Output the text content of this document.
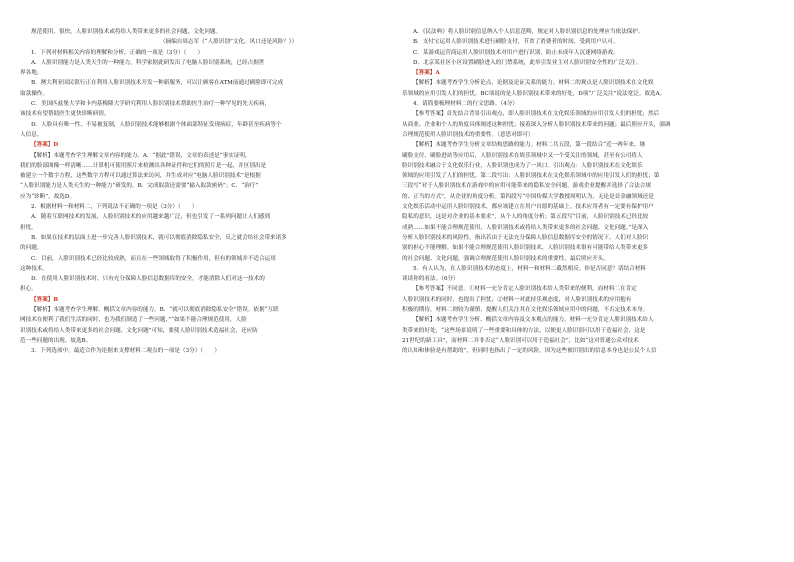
规范使用，很快，人脸识别技术或将给人类带来更多的社会问题、文化问题。
（摘编自周志军《“人脸识别”文化，风口还是风险？》）
1．下列对材料相关内容的理解和分析，正确的一项是（3分）（　　）
A．人脸识别能力是人类天生的一种能力，科学家据此研发出了电脑人脸识别系统，已经占据世
界各地。
B．澳大利亚国民银行正在利用人脸识别技术开发一种新服务，可以让顾客在ATM前通过刷脸即可完成
取款操作。
C．美国匹兹堡大学和卡内基梅隆大学研究利用人脸识别技术帮助医生治疗一种罕见的先天疾病，
该技术有望帮助医生更快诊断病情。
D．人脸具有唯一性、不易被复制，人脸识别技术能够根据个体面部特征发现病症，年龄甚至疾病等个
人信息。
【答案】D
【解析】本题考查学生理解文章内容的能力。A．“据此”错误，文章的表述是“事实证明，
我们的脸部图像一样清晰……计算机可使用照片来检测出各种证件和它们的照片是一起，并区别出是
被建立一个数字方程，这些数字方程可以通过算法来访问，并生成对应“电脑人脸识别技术”是根据
“人脸识别能力是人类天生的一种能力”研发的。B．完成取款还需要“输入取款密码”；C．“治疗”
应为“诊断”。故选D。
2．根据材料一和材料二，下列说法不正确的一项是（3分）（　　）
A．随着互联网技术的发展，人脸识别技术的应用越来越广泛，但也引发了一系列问题让人们感到
担忧。
B．如果在技术的层面上进一步完善人脸识别技术，就可以彻底消除隐私安全，反之就会给社会带来诸多
的问题。
C．目前，人脸识别技术已经比较成熟，而且在一些领域取得了积极作用，但有的领域并不适合运用
这种技术。
D．在使用人脸识别技术时，只有充分保障人脸信息数据库的安全，才能消除人们对这一技术的
担心。
【答案】B
【解析】本题考查学生理解、概括文章内容的能力。B．“就可以彻底消除隐私安全”错误。依据“互联
网技术在便利了我们生活的同时，也为我们制造了一些问题，”“如果不能合理规范使用，人脸
识别技术或将给人类带来更多的社会问题、文化问题”可知，要使人脸识别技术造福社会，还应防
范一些问题的出现。故选B。
3．下列选项中，最适合作为论据来支撑材料二观点的一项是（3分）（　　）
A．《民法典》将人脸识别信息纳入个人信息范畴，规定对人脸识别信息的处理应当依法保护。
B．支付宝运用人脸识别技术进行刷脸支付，节省了消费者的时间，受到用户认可。
C．某游戏运营商运用人脸识别技术对用户进行识别，防止未成年人沉迷网络游戏。
D．北京某社区小区设置刷脸进入的门禁系统，此举引发业主对人脸识别安全性的广泛关注。
【答案】A
【解析】本题考查学生分析论点、论据及论证关系的能力。材料二的观点是人脸识别技术在文化娱
乐领域的应用引发人们的担忧。BC项说的是人脸识别技术带来的好处，D项“广泛关注”说法宽泛。故选A。
4．请简要梳理材料二的行文思路。（4分）
【参考答案】首先结合背景引出观点，即人脸识别技术在文化娱乐领域的应用引发人们的担忧；然后
从商业、企业和个人的角度具体阐述这种担忧；接着深入分析人脸识别技术带来的问题；最后照应开头，强调
合理规范使用人脸识别技术的重要性。（意思对即可）
【解析】本题考查学生分析文章结构思路的能力。材料二共五段，第一段结合“近一两年来，继
刷脸支付、刷脸进站等应用后，人脸识别技术在娱乐领域中又一个受关注的领域，甚至有公司将人
脸识别技术融合于文化娱乐行业，人脸识别也成为了一风口。引出观点：人脸识别技术在文化娱乐
领域的应用引发了人们的担忧。第二段写出：人脸识别技术在文化娱乐领域中的应用引发人们的担忧；第
三段写“对于人脸识别技术在游戏中的应用可能带来的隐私安全问题，游戏企业提醒并选择了合法合规
的、正当的方式”，从企业的角度分析。第四段写“中国传媒大学教授周明认为，无论是首金融领域还是
文化娱乐活动中运用人脸识别技术，都应该建立在用户自愿的基础上。技术应用者有一定要有保护用户
隐私的意识，这是对企业的基本要求”，从个人的角度分析；第五段写“目前，人脸识别技术已经比较
成熟……如果不能合理规范使用，人脸识别技术或将给人类带来更多的社会问题、文化问题。”是深入
分析人脸识别技术的风险性，指出若由于无法充分保障人脸信息数据库安全的情况下，人们对人脸识
别的担心不能理解。如果不能合理规范使用人脸识别技术，人脸识别技术很有可能带给人类带来更多
的社会问题、文化问题，强调合理规范使用人脸识别技术的重要性，最后照应开头。
5．有人认为，在人脸识别技术的态度上，材料一和材料二截然相反。你是否同意？请结合材料
谈谈你的看法。（6分）
【参考答案】不同意。①材料一充分肯定人脸识别技术给人类带来的便利，而材料二在肯定
人脸识别技术的同时，也提出了担忧；②材料一对此持乐观态度，对人脸识别技术的应用抱有
积极的期待，材料二则较为谨慎，提醒人们关注其在文化娱乐领域应用中的问题，不否定技术本身。
【解析】本题考查学生分析、概括文章内容及文本观点的能力。材料一充分肯定人脸识别技术给人
类带来的好处，“这些场景说明了一些重要和具体的方法，以便更人脸识别可以用于造福社会，这是
21世纪的新工具”，而材料二并非否定“人脸识别可以用于造福社会”，比如“这对普通公众对技术
的认知和体验是有帮助的”，但同时也指出了一定的风险，因为这些被识别出的信息本身也是公民个人信
